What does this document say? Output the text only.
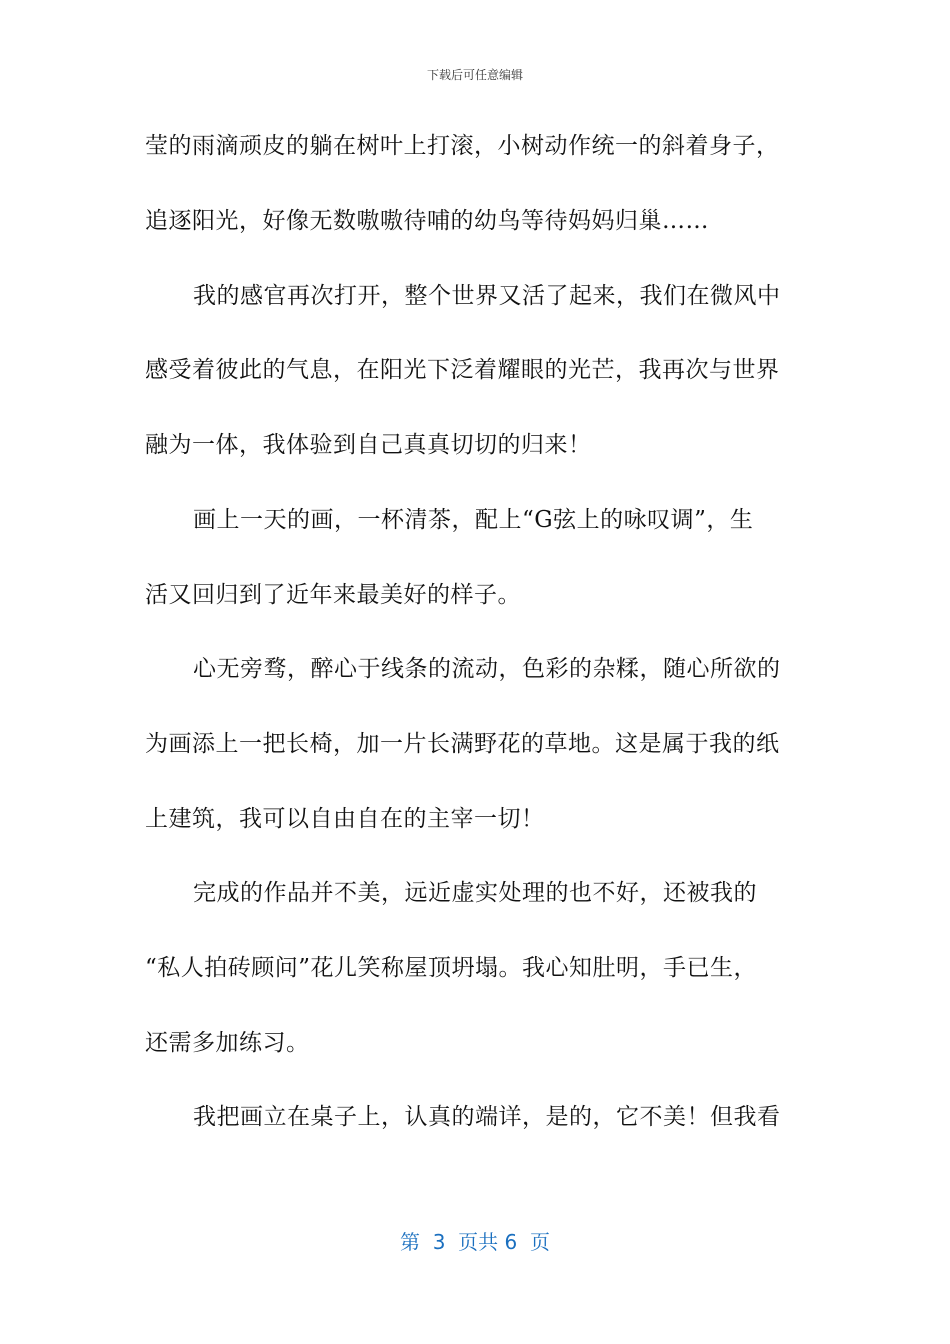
下载后可任意编辑
莹的雨滴顽皮的躺在树叶上打滚，小树动作统一的斜着身子，
追逐阳光，好像无数嗷嗷待哺的幼鸟等待妈妈归巢……
我的感官再次打开，整个世界又活了起来，我们在微风中
感受着彼此的气息，在阳光下泛着耀眼的光芒，我再次与世界
融为一体，我体验到自己真真切切的归来！
画上一天的画，一杯清茶，配上“G弦上的咏叹调”，生
活又回归到了近年来最美好的样子。
心无旁骛，醉心于线条的流动，色彩的杂糅，随心所欲的
为画添上一把长椅，加一片长满野花的草地。这是属于我的纸
上建筑，我可以自由自在的主宰一切！
完成的作品并不美，远近虚实处理的也不好，还被我的
“私人拍砖顾问”花儿笑称屋顶坍塌。我心知肚明，手已生，
还需多加练习。
我把画立在桌子上，认真的端详，是的，它不美！但我看
第  3  页共 6  页
